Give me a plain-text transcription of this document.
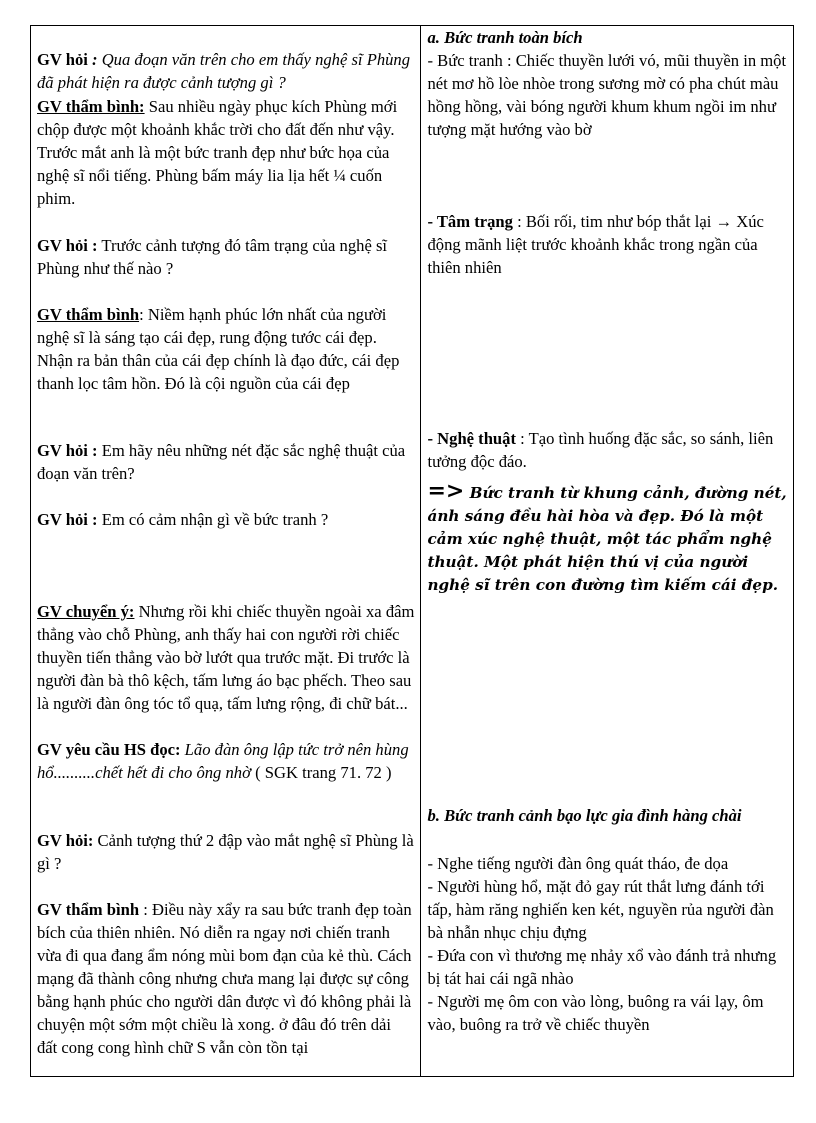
GV hỏi : Qua đoạn văn trên cho em thấy nghệ sĩ Phùng đã phát hiện ra được cảnh tượng gì ?

GV thẩm bình: Sau nhiều ngày phục kích Phùng mới chộp được một khoảnh khắc trời cho đất đến như vậy. Trước mắt anh là một bức tranh đẹp như bức họa của nghệ sĩ nổi tiếng. Phùng bấm máy lia lịa hết ¼ cuốn phim.

GV hỏi : Trước cảnh tượng đó tâm trạng của nghệ sĩ Phùng như thế nào ?

GV thẩm bình: Niềm hạnh phúc lớn nhất của người nghệ sĩ là sáng tạo cái đẹp, rung động tước cái đẹp. Nhận ra bản thân của cái đẹp chính là đạo đức, cái đẹp thanh lọc tâm hồn. Đó là cội nguồn của cái đẹp

GV hỏi : Em hãy nêu những nét đặc sắc nghệ thuật của đoạn văn trên?

GV hỏi : Em có cảm nhận gì về bức tranh ?

GV chuyển ý: Nhưng rồi khi chiếc thuyền ngoài xa đâm thẳng vào chỗ Phùng, anh thấy hai con người rời chiếc thuyền tiến thẳng vào bờ lướt qua trước mặt. Đi trước là người đàn bà thô kệch, tấm lưng áo bạc phếch. Theo sau là người đàn ông tóc tổ quạ, tấm lưng rộng, đi chữ bát...

GV yêu cầu HS đọc: Lão đàn ông lập tức trở nên hùng hổ..........chết hết đi cho ông nhờ ( SGK trang 71. 72 )

GV hỏi: Cảnh tượng thứ 2 đập vào mắt nghệ sĩ Phùng là gì ?

GV thẩm bình : Điều này xẩy ra sau bức tranh đẹp toàn bích của thiên nhiên. Nó diễn ra ngay nơi chiến tranh vừa đi qua đang ẩm nóng mùi bom đạn của kẻ thù. Cách mạng đã thành công nhưng chưa mang lại được sự công bằng hạnh phúc cho người dân được vì đó không phải là chuyện một sớm một chiều là xong. ở đâu đó trên dải đất cong cong hình chữ S vẫn còn tồn tại

a. Bức tranh toàn bích

- Bức tranh : Chiếc thuyền lưới vó, mũi thuyền in một nét mơ hồ lòe nhòe trong sương mờ có pha chút màu hồng hồng, vài bóng người khum khum ngồi im như tượng mặt hướng vào bờ

- Tâm trạng : Bối rối, tim như bóp thắt lại → Xúc động mãnh liệt trước khoảnh khắc trong ngần của thiên nhiên

- Nghệ thuật : Tạo tình huống đặc sắc, so sánh, liên tưởng độc đáo.

=> Bức tranh từ khung cảnh, đường nét, ánh sáng đều hài hòa và đẹp. Đó là một cảm xúc nghệ thuật, một tác phẩm nghệ thuật. Một phát hiện thú vị của người nghệ sĩ trên con đường tìm kiếm cái đẹp.

b. Bức tranh cảnh bạo lực gia đình hàng chài

- Nghe tiếng người đàn ông quát tháo, đe dọa
- Người hùng hổ, mặt đỏ gay rút thắt lưng đánh tới tấp, hàm răng nghiến ken két, nguyền rủa người đàn bà nhẫn nhục chịu đựng
- Đứa con vì thương mẹ nhảy xổ vào đánh trả nhưng bị tát hai cái ngã nhào
- Người mẹ ôm con vào lòng, buông ra vái lạy, ôm vào, buông ra trở về chiếc thuyền
